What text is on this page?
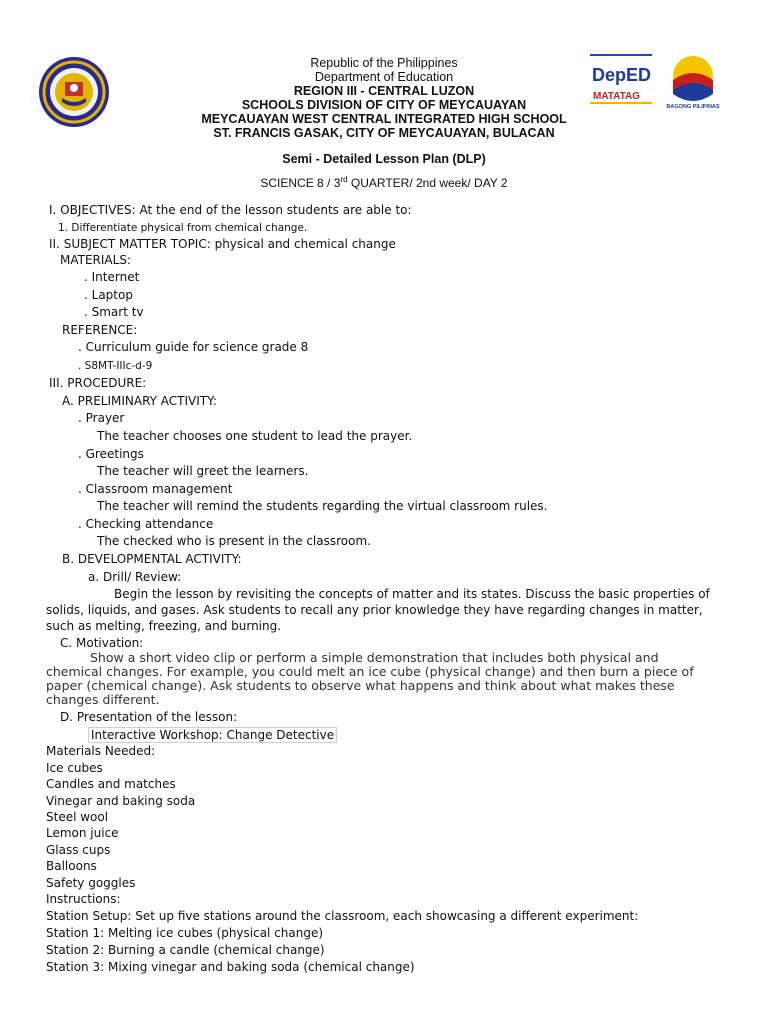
DepED
MATATAG
BAGONG PILIPINAS
Republic of the Philippines
Department of Education
REGION III - CENTRAL LUZON
SCHOOLS DIVISION OF CITY OF MEYCAUAYAN
MEYCAUAYAN WEST CENTRAL INTEGRATED HIGH SCHOOL
ST. FRANCIS GASAK, CITY OF MEYCAUAYAN, BULACAN
Semi - Detailed Lesson Plan (DLP)
SCIENCE 8 / 3rd QUARTER/ 2nd week/ DAY 2
I. OBJECTIVES: At the end of the lesson students are able to:
1. Differentiate physical from chemical change.
II. SUBJECT MATTER TOPIC: physical and chemical change
MATERIALS:
. Internet
. Laptop
. Smart tv
REFERENCE:
. Curriculum guide for science grade 8
. S8MT-IIIc-d-9
III. PROCEDURE:
A. PRELIMINARY ACTIVITY:
. Prayer
The teacher chooses one student to lead the prayer.
. Greetings
The teacher will greet the learners.
. Classroom management
The teacher will remind the students regarding the virtual classroom rules.
. Checking attendance
The checked who is present in the classroom.
B. DEVELOPMENTAL ACTIVITY:
a. Drill/ Review:
Begin the lesson by revisiting the concepts of matter and its states. Discuss the basic properties of solids, liquids, and gases. Ask students to recall any prior knowledge they have regarding changes in matter, such as melting, freezing, and burning.
C. Motivation:
Show a short video clip or perform a simple demonstration that includes both physical and chemical changes. For example, you could melt an ice cube (physical change) and then burn a piece of paper (chemical change). Ask students to observe what happens and think about what makes these changes different.
D. Presentation of the lesson:
Interactive Workshop: Change Detective
Materials Needed:
Ice cubes
Candles and matches
Vinegar and baking soda
Steel wool
Lemon juice
Glass cups
Balloons
Safety goggles
Instructions:
Station Setup: Set up five stations around the classroom, each showcasing a different experiment:
Station 1: Melting ice cubes (physical change)
Station 2: Burning a candle (chemical change)
Station 3: Mixing vinegar and baking soda (chemical change)
